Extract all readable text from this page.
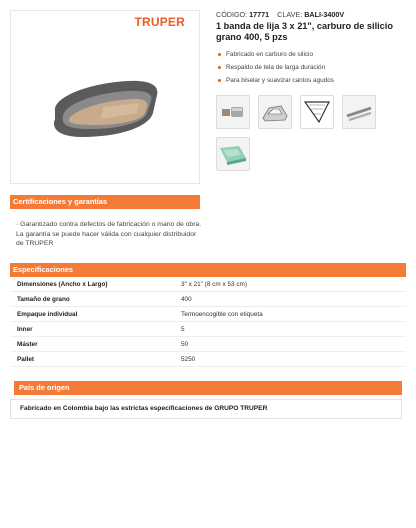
TRUPER
CÓDIGO: 17771 CLAVE: BALI-3400V
1 banda de lija 3 x 21", carburo de silicio grano 400, 5 pzs
Fabricado en carburo de silicio
Respaldo de tela de larga duración
Para biselar y suavizar cantos agudos
Certificaciones y garantías
· Garantizado contra defectos de fabricación o mano de obra. La garantía se puede hacer válida con cualquier distribuidor de TRUPER
Especificaciones
Dimensiones (Ancho x Largo)	3" x 21" (8 cm x 53 cm)
Tamaño de grano	400
Empaque individual	Termoencogible con etiqueta
Inner	5
Máster	50
Pallet	5250
País de origen
Fabricado en Colombia bajo las estrictas especificaciones de GRUPO TRUPER
